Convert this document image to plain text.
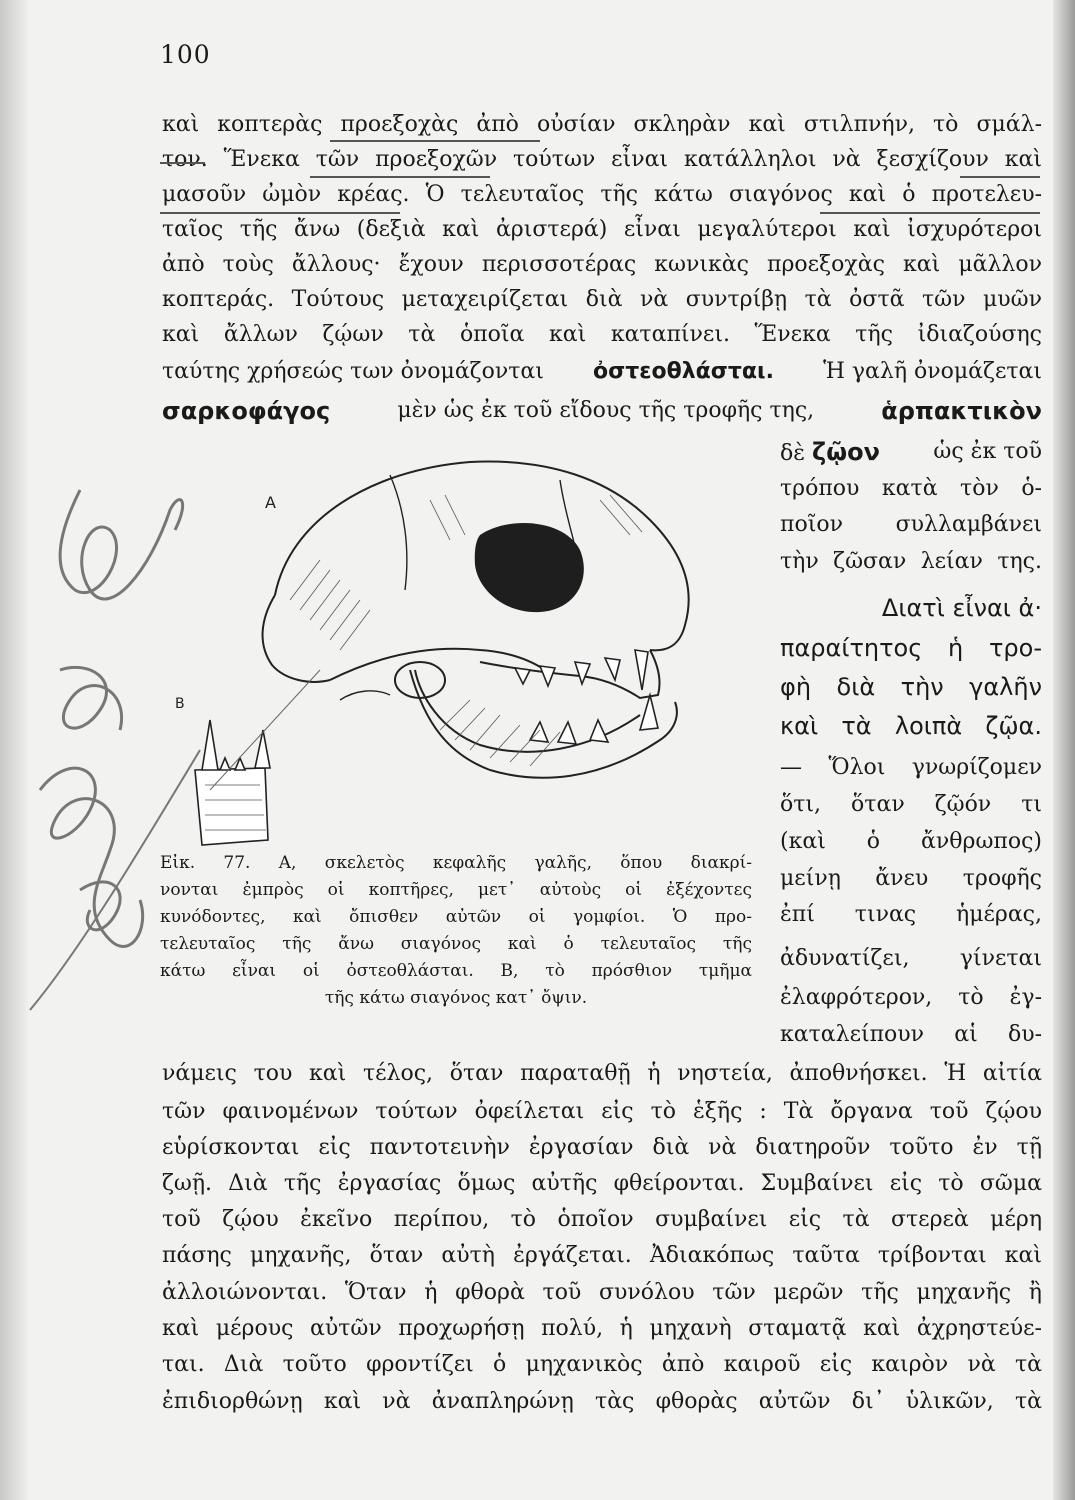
100
καὶ κοπτερὰς προεξοχὰς ἀπὸ οὐσίαν σκληρὰν καὶ στιλπνήν, τὸ σμάλ-
τον. Ἕνεκα τῶν προεξοχῶν τούτων εἶναι κατάλληλοι νὰ ξεσχίζουν καὶ
μασοῦν ὠμὸν κρέας. Ὁ τελευταῖος τῆς κάτω σιαγόνος καὶ ὁ προτελευ-
ταῖος τῆς ἄνω (δεξιὰ καὶ ἀριστερά) εἶναι μεγαλύτεροι καὶ ἰσχυρότεροι
ἀπὸ τοὺς ἄλλους· ἔχουν περισσοτέρας κωνικὰς προεξοχὰς καὶ μᾶλλον
κοπτεράς. Τούτους μεταχειρίζεται διὰ νὰ συντρίβῃ τὰ ὀστᾶ τῶν μυῶν
καὶ ἄλλων ζῴων τὰ ὁποῖα καὶ καταπίνει. Ἕνεκα τῆς ἰδιαζούσης
ταύτης χρήσεώς των ὀνομάζονται ὀστεοθλάσται. Ἡ γαλῆ ὀνομάζεται
σαρκοφάγος	μὲν ὡς ἐκ τοῦ εἴδους τῆς τροφῆς της,	ἁρπακτικὸν
δὲ ζῷον ὡς ἐκ τοῦ
τρόπου κατὰ τὸν ὁ-
ποῖον συλλαμβάνει
τὴν ζῶσαν λείαν της.
Διατὶ εἶναι ἀ·
παραίτητος ἡ τρο-
φὴ διὰ τὴν γαλῆν
καὶ τὰ λοιπὰ ζῷα.
— Ὅλοι γνωρίζομεν
ὅτι, ὅταν ζῷόν τι
(καὶ ὁ ἄνθρωπος)
μείνῃ ἄνευ τροφῆς
ἐπί τινας ἡμέρας,
ἀδυνατίζει, γίνεται
ἐλαφρότερον, τὸ ἐγ-
καταλείπουν αἱ δυ-
Α
Β
Εἰκ. 77. Α, σκελετὸς κεφαλῆς γαλῆς, ὅπου διακρί-
νονται ἐμπρὸς οἱ κοπτῆρες, μετ᾽ αὐτοὺς οἱ ἐξέχοντες
κυνόδοντες, καὶ ὄπισθεν αὐτῶν οἱ γομφίοι. Ὁ προ-
τελευταῖος τῆς ἄνω σιαγόνος καὶ ὁ τελευταῖος τῆς
κάτω εἶναι οἱ ὀστεοθλάσται. Β, τὸ πρόσθιον τμῆμα
τῆς κάτω σιαγόνος κατ᾽ ὄψιν.
νάμεις του καὶ τέλος, ὅταν παραταθῇ ἡ νηστεία, ἀποθνήσκει. Ἡ αἰτία
τῶν φαινομένων τούτων ὀφείλεται εἰς τὸ ἑξῆς : Τὰ ὄργανα τοῦ ζῴου
εὑρίσκονται εἰς παντοτεινὴν ἐργασίαν διὰ νὰ διατηροῦν τοῦτο ἐν τῇ
ζωῇ. Διὰ τῆς ἐργασίας ὅμως αὐτῆς φθείρονται. Συμβαίνει εἰς τὸ σῶμα
τοῦ ζῴου ἐκεῖνο περίπου, τὸ ὁποῖον συμβαίνει εἰς τὰ στερεὰ μέρη
πάσης μηχανῆς, ὅταν αὐτὴ ἐργάζεται. Ἀδιακόπως ταῦτα τρίβονται καὶ
ἀλλοιώνονται. Ὅταν ἡ φθορὰ τοῦ συνόλου τῶν μερῶν τῆς μηχανῆς ἢ
καὶ μέρους αὐτῶν προχωρήσῃ πολύ, ἡ μηχανὴ σταματᾷ καὶ ἀχρηστεύε-
ται. Διὰ τοῦτο φροντίζει ὁ μηχανικὸς ἀπὸ καιροῦ εἰς καιρὸν νὰ τὰ
ἐπιδιορθώνῃ καὶ νὰ ἀναπληρώνῃ τὰς φθορὰς αὐτῶν δι᾽ ὑλικῶν, τὰ
